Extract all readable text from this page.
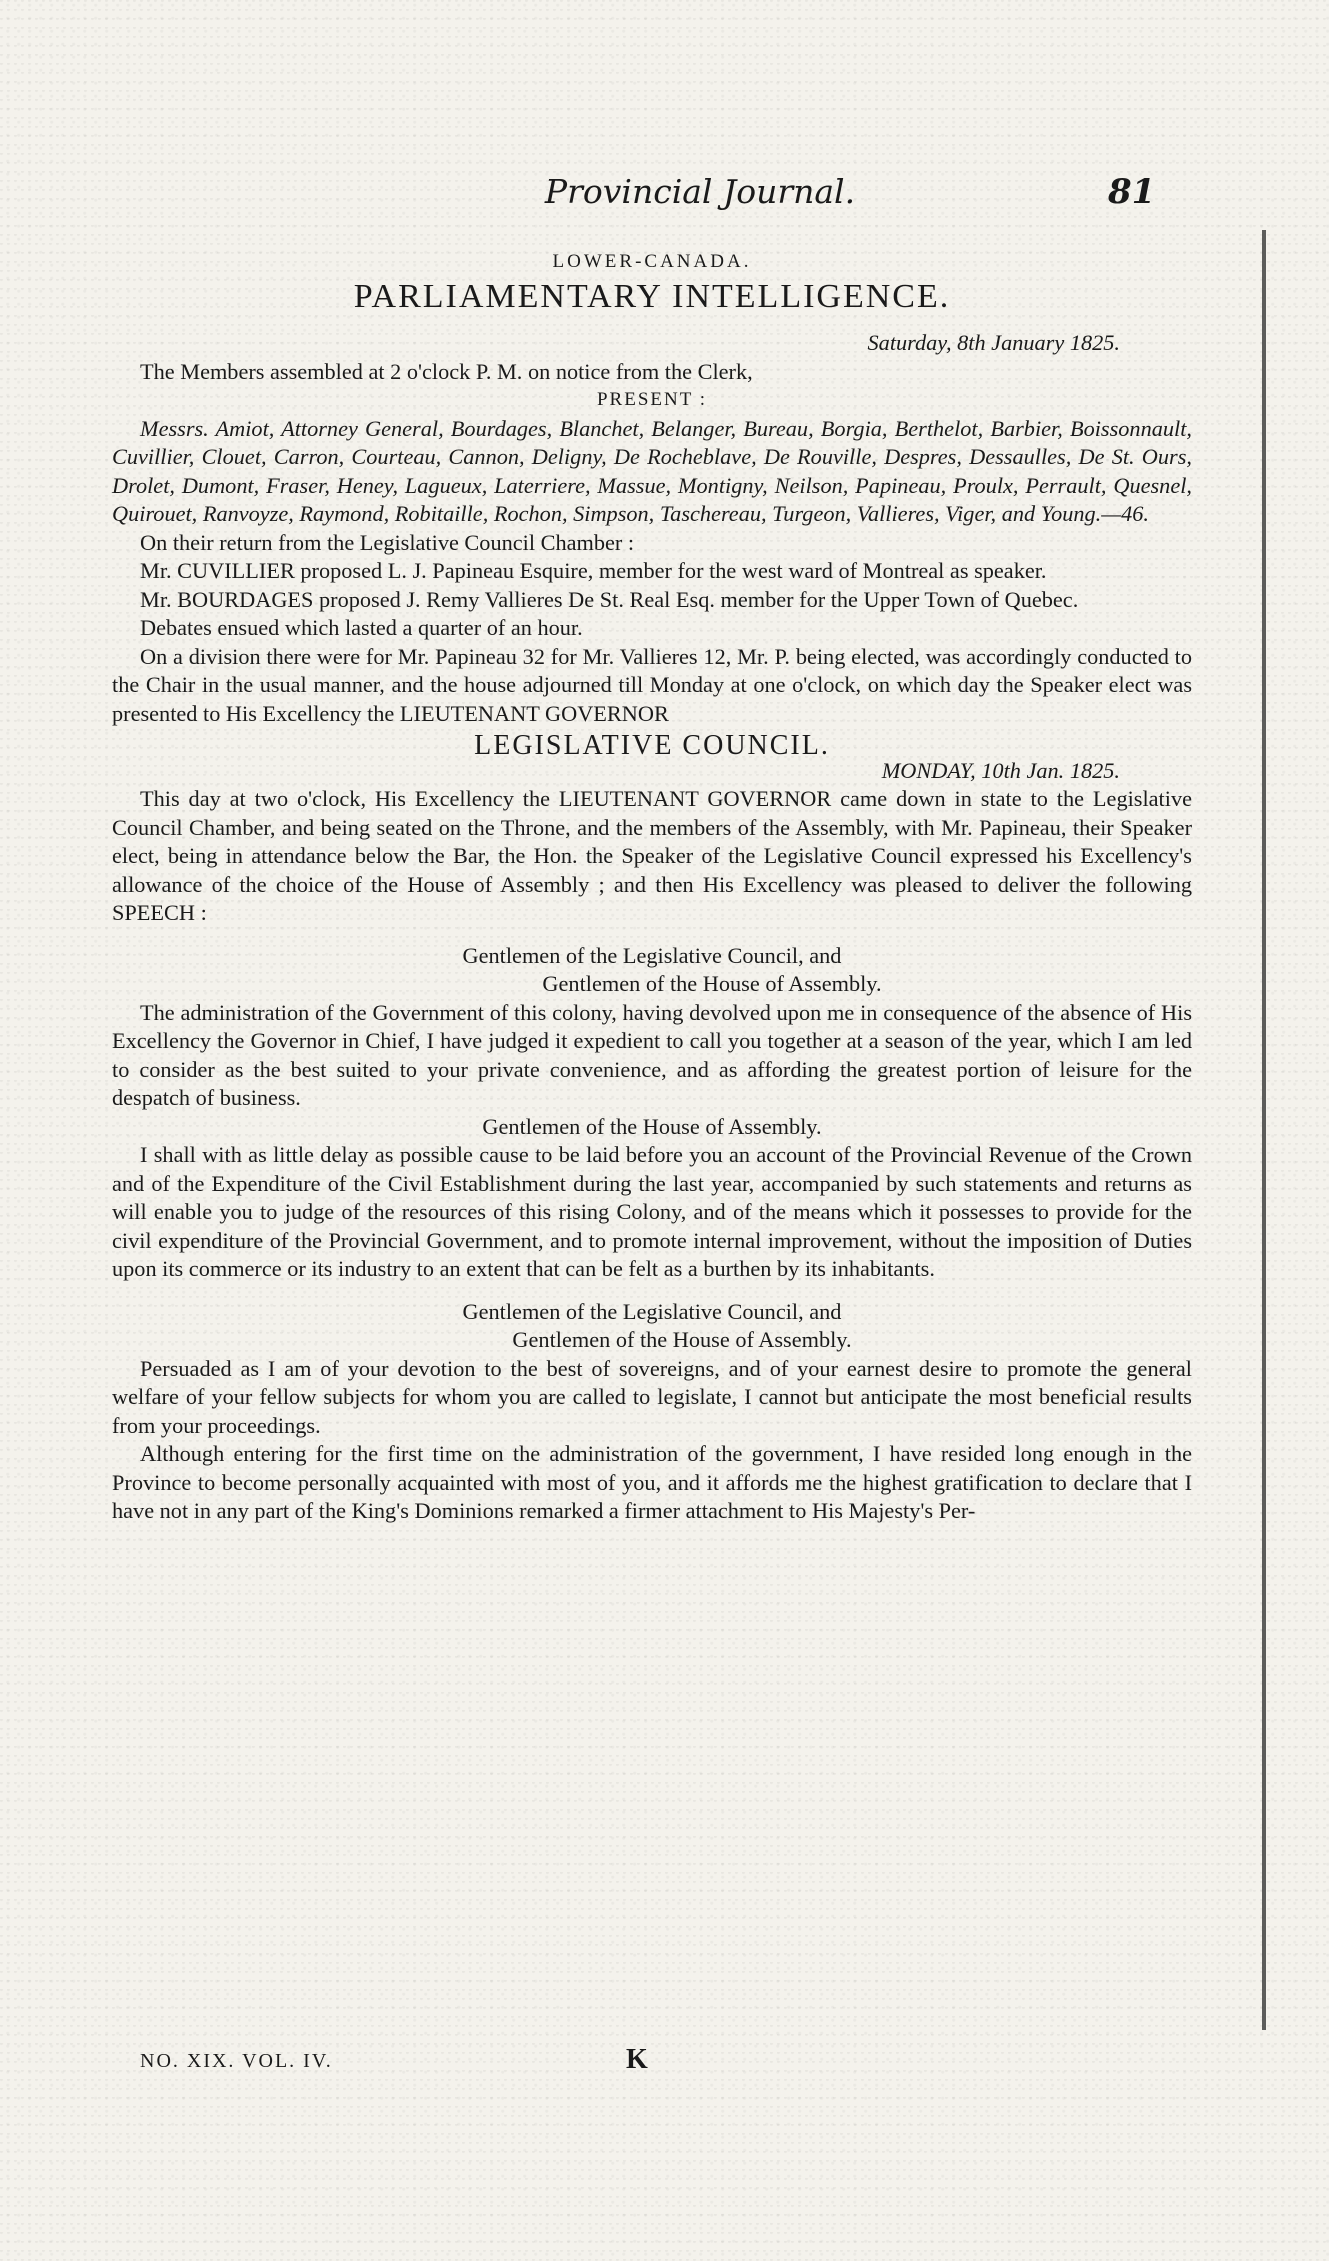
Provincial Journal.	81
LOWER-CANADA.
PARLIAMENTARY INTELLIGENCE.
Saturday, 8th January 1825.

The Members assembled at 2 o'clock P. M. on notice from the Clerk,

PRESENT :

Messrs. Amiot, Attorney General, Bourdages, Blanchet, Belanger, Bureau, Borgia, Berthelot, Barbier, Boissonnault, Cuvillier, Clouet, Carron, Courteau, Cannon, Deligny, De Rocheblave, De Rouville, Despres, Dessaulles, De St. Ours, Drolet, Dumont, Fraser, Heney, Lagueux, Laterriere, Massue, Montigny, Neilson, Papineau, Proulx, Perrault, Quesnel, Quirouet, Ranvoyze, Raymond, Robitaille, Rochon, Simpson, Taschereau, Turgeon, Vallieres, Viger, and Young.—46.

On their return from the Legislative Council Chamber :

Mr. CUVILLIER proposed L. J. Papineau Esquire, member for the west ward of Montreal as speaker.

Mr. BOURDAGES proposed J. Remy Vallieres De St. Real Esq. member for the Upper Town of Quebec.

Debates ensued which lasted a quarter of an hour.

On a division there were for Mr. Papineau 32 for Mr. Vallieres 12, Mr. P. being elected, was accordingly conducted to the Chair in the usual manner, and the house adjourned till Monday at one o'clock, on which day the Speaker elect was presented to His Excellency the LIEUTENANT GOVERNOR

LEGISLATIVE COUNCIL.
MONDAY, 10th Jan. 1825.

This day at two o'clock, His Excellency the LIEUTENANT GOVERNOR came down in state to the Legislative Council Chamber, and being seated on the Throne, and the members of the Assembly, with Mr. Papineau, their Speaker elect, being in attendance below the Bar, the Hon. the Speaker of the Legislative Council expressed his Excellency's allowance of the choice of the House of Assembly ; and then His Excellency was pleased to deliver the following SPEECH :

Gentlemen of the Legislative Council, and
Gentlemen of the House of Assembly.

The administration of the Government of this colony, having devolved upon me in consequence of the absence of His Excellency the Governor in Chief, I have judged it expedient to call you together at a season of the year, which I am led to consider as the best suited to your private convenience, and as affording the greatest portion of leisure for the despatch of business.

Gentlemen of the House of Assembly.

I shall with as little delay as possible cause to be laid before you an account of the Provincial Revenue of the Crown and of the Expenditure of the Civil Establishment during the last year, accompanied by such statements and returns as will enable you to judge of the resources of this rising Colony, and of the means which it possesses to provide for the civil expenditure of the Provincial Government, and to promote internal improvement, without the imposition of Duties upon its commerce or its industry to an extent that can be felt as a burthen by its inhabitants.

Gentlemen of the Legislative Council, and
Gentlemen of the House of Assembly.

Persuaded as I am of your devotion to the best of sovereigns, and of your earnest desire to promote the general welfare of your fellow subjects for whom you are called to legislate, I cannot but anticipate the most beneficial results from your proceedings.

Although entering for the first time on the administration of the government, I have resided long enough in the Province to become personally acquainted with most of you, and it affords me the highest gratification to declare that I have not in any part of the King's Dominions remarked a firmer attachment to His Majesty's Per-

NO. XIX. VOL. IV.	K
